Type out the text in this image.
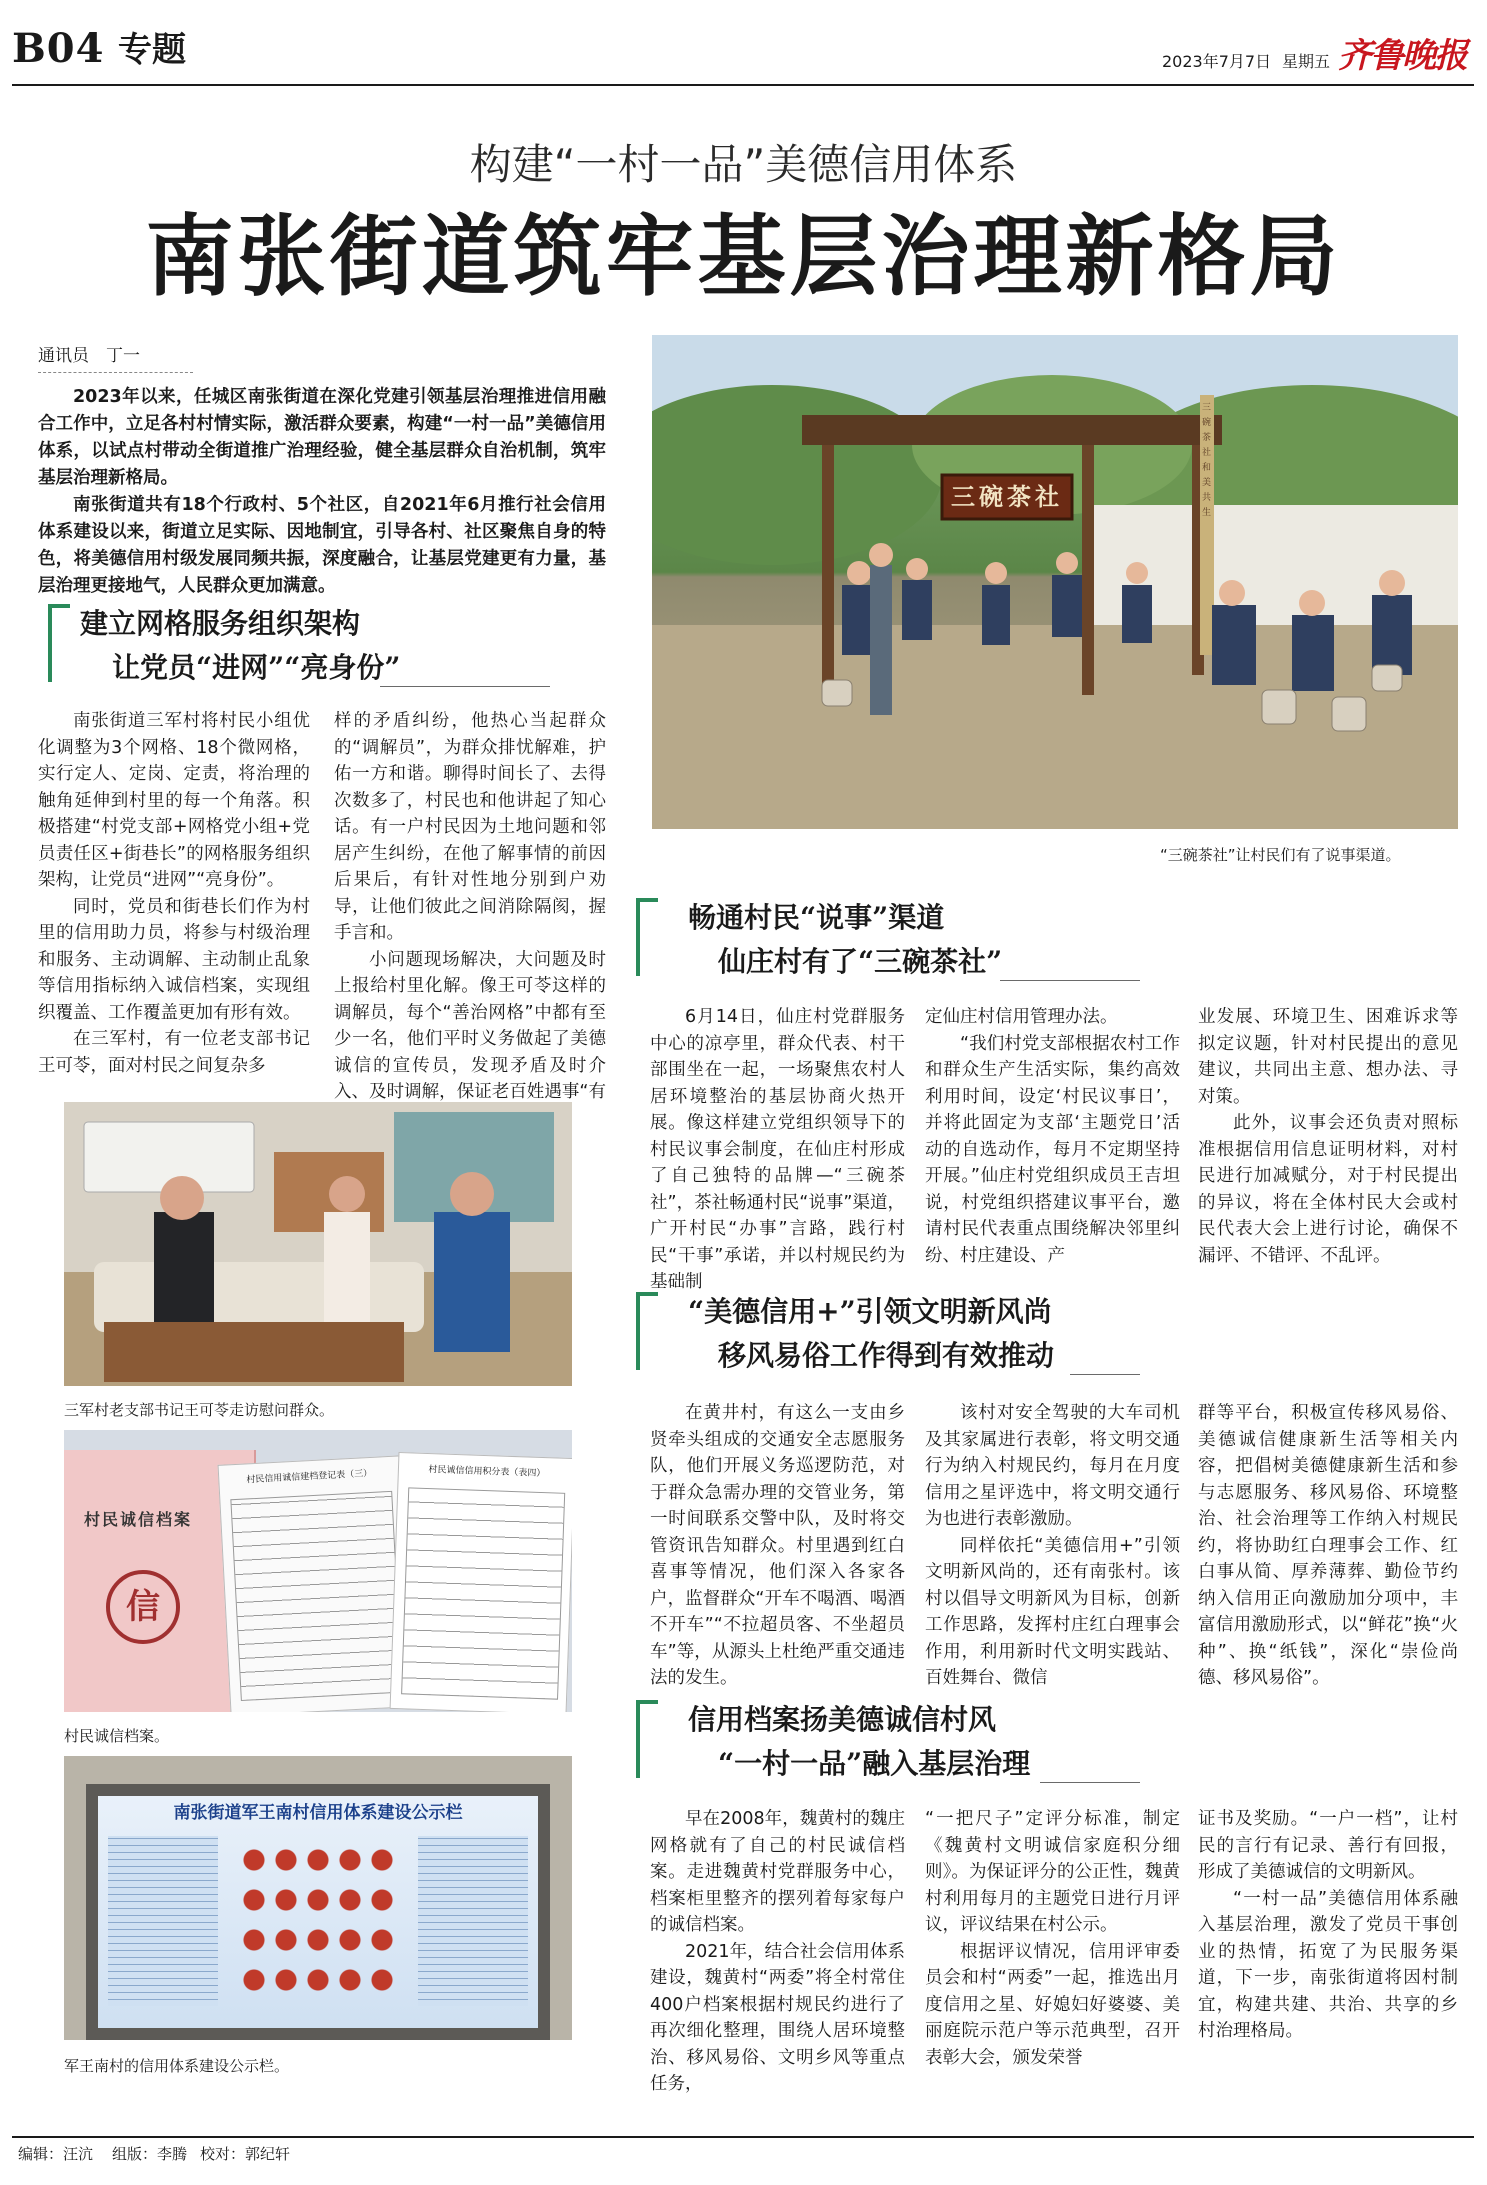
B04 专题	2023年7月7日 星期五 齐鲁晚报
构建“一村一品”美德信用体系
南张街道筑牢基层治理新格局
通讯员　丁一

2023年以来，任城区南张街道在深化党建引领基层治理推进信用融合工作中，立足各村村情实际，激活群众要素，构建“一村一品”美德信用体系，以试点村带动全街道推广治理经验，健全基层群众自治机制，筑牢基层治理新格局。

南张街道共有18个行政村、5个社区，自2021年6月推行社会信用体系建设以来，街道立足实际、因地制宜，引导各村、社区聚焦自身的特色，将美德信用村级发展同频共振，深度融合，让基层党建更有力量，基层治理更接地气，人民群众更加满意。

建立网格服务组织架构
让党员“进网”“亮身份”

南张街道三军村将村民小组优化调整为3个网格、18个微网格，实行定人、定岗、定责，将治理的触角延伸到村里的每一个角落。积极搭建“村党支部+网格党小组+党员责任区+街巷长”的网格服务组织架构，让党员“进网”“亮身份”。

同时，党员和街巷长们作为村里的信用助力员，将参与村级治理和服务、主动调解、主动制止乱象等信用指标纳入诚信档案，实现组织覆盖、工作覆盖更加有形有效。

在三军村，有一位老支部书记王可苓，面对村民之间复杂多

样的矛盾纠纷，他热心当起群众的“调解员”，为群众排忧解难，护佑一方和谐。聊得时间长了、去得次数多了，村民也和他讲起了知心话。有一户村民因为土地问题和邻居产生纠纷，在他了解事情的前因后果后，有针对性地分别到户劝导，让他们彼此之间消除隔阂，握手言和。

小问题现场解决，大问题及时上报给村里化解。像王可苓这样的调解员，每个“善治网格”中都有至少一名，他们平时义务做起了美德诚信的宣传员，发现矛盾及时介入、及时调解，保证老百姓遇事“有

三碗茶社
三碗茶社和美共生
“三碗茶社”让村民们有了说事渠道。
畅通村民“说事”渠道
仙庄村有了“三碗茶社”

6月14日，仙庄村党群服务中心的凉亭里，群众代表、村干部围坐在一起，一场聚焦农村人居环境整治的基层协商火热开展。像这样建立党组织领导下的村民议事会制度，在仙庄村形成了自己独特的品牌—“三碗茶社”，茶社畅通村民“说事”渠道，广开村民“办事”言路，践行村民“干事”承诺，并以村规民约为基础制

定仙庄村信用管理办法。

“我们村党支部根据农村工作和群众生产生活实际，集约高效利用时间，设定‘村民议事日’，并将此固定为支部‘主题党日’活动的自选动作，每月不定期坚持开展。”仙庄村党组织成员王吉坦说，村党组织搭建议事平台，邀请村民代表重点围绕解决邻里纠纷、村庄建设、产

业发展、环境卫生、困难诉求等拟定议题，针对村民提出的意见建议，共同出主意、想办法、寻对策。

此外，议事会还负责对照标准根据信用信息证明材料，对村民进行加减赋分，对于村民提出的异议，将在全体村民大会或村民代表大会上进行讨论，确保不漏评、不错评、不乱评。

三军村老支部书记王可苓走访慰问群众。
村民诚信档案
信
村民信用诚信建档登记表（三）	村民诚信信用积分表（表四）
村民诚信档案。
南张街道军王南村信用体系建设公示栏
军王南村的信用体系建设公示栏。
“美德信用+”引领文明新风尚
移风易俗工作得到有效推动

在黄井村，有这么一支由乡贤牵头组成的交通安全志愿服务队，他们开展义务巡逻防范，对于群众急需办理的交管业务，第一时间联系交警中队，及时将交管资讯告知群众。村里遇到红白喜事等情况，他们深入各家各户，监督群众“开车不喝酒、喝酒不开车”“不拉超员客、不坐超员车”等，从源头上杜绝严重交通违法的发生。

该村对安全驾驶的大车司机及其家属进行表彰，将文明交通行为纳入村规民约，每月在月度信用之星评选中，将文明交通行为也进行表彰激励。

同样依托“美德信用+”引领文明新风尚的，还有南张村。该村以倡导文明新风为目标，创新工作思路，发挥村庄红白理事会作用，利用新时代文明实践站、百姓舞台、微信

群等平台，积极宣传移风易俗、美德诚信健康新生活等相关内容，把倡树美德健康新生活和参与志愿服务、移风易俗、环境整治、社会治理等工作纳入村规民约，将协助红白理事会工作、红白事从简、厚养薄葬、勤俭节约纳入信用正向激励加分项中，丰富信用激励形式，以“鲜花”换“火种”、换“纸钱”，深化“崇俭尚德、移风易俗”。

信用档案扬美德诚信村风
“一村一品”融入基层治理

早在2008年，魏黄村的魏庄网格就有了自己的村民诚信档案。走进魏黄村党群服务中心，档案柜里整齐的摆列着每家每户的诚信档案。

2021年，结合社会信用体系建设，魏黄村“两委”将全村常住400户档案根据村规民约进行了再次细化整理，围绕人居环境整治、移风易俗、文明乡风等重点任务，

“一把尺子”定评分标准，制定《魏黄村文明诚信家庭积分细则》。为保证评分的公正性，魏黄村利用每月的主题党日进行月评议，评议结果在村公示。

根据评议情况，信用评审委员会和村“两委”一起，推选出月度信用之星、好媳妇好婆婆、美丽庭院示范户等示范典型，召开表彰大会，颁发荣誉

证书及奖励。“一户一档”，让村民的言行有记录、善行有回报，形成了美德诚信的文明新风。

“一村一品”美德信用体系融入基层治理，激发了党员干事创业的热情，拓宽了为民服务渠道，下一步，南张街道将因村制宜，构建共建、共治、共享的乡村治理格局。

编辑：汪沆 组版：李腾 校对：郭纪轩
